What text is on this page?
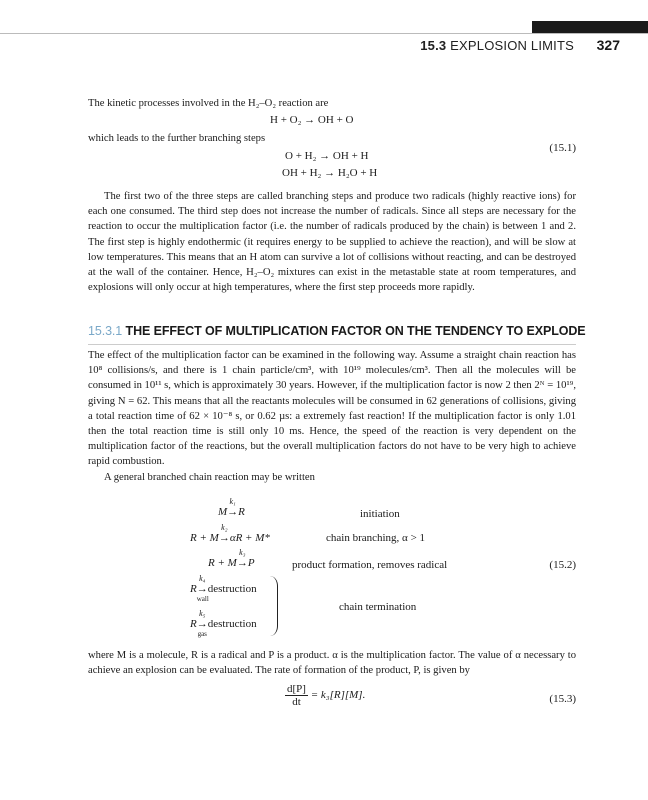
15.3 EXPLOSION LIMITS 327
The kinetic processes involved in the H₂–O₂ reaction are
H + O₂ → OH + O
which leads to the further branching steps
O + H₂ → OH + H
OH + H₂ → H₂O + H
(15.1)
The first two of the three steps are called branching steps and produce two radicals (highly reactive ions) for each one consumed. The third step does not increase the number of radicals. Since all steps are necessary for the reaction to occur the multiplication factor (i.e. the number of radicals produced by the chain) is between 1 and 2. The first step is highly endothermic (it requires energy to be supplied to achieve the reaction), and will be slow at low temperatures. This means that an H atom can survive a lot of collisions without reacting, and can be destroyed at the wall of the container. Hence, H₂–O₂ mixtures can exist in the metastable state at room temperatures, and explosions will only occur at high temperatures, where the first step proceeds more rapidly.
15.3.1 THE EFFECT OF MULTIPLICATION FACTOR ON THE TENDENCY TO EXPLODE
The effect of the multiplication factor can be examined in the following way. Assume a straight chain reaction has 10⁸ collisions/s, and there is 1 chain particle/cm³, with 10¹⁹ molecules/cm³. Then all the molecules will be consumed in 10¹¹ s, which is approximately 30 years. However, if the multiplication factor is now 2 then 2ᴺ = 10¹⁹, giving N = 62. This means that all the reactants molecules will be consumed in 62 generations of collisions, giving a total reaction time of 62 × 10⁻⁸ s, or 0.62 µs: a extremely fast reaction! If the multiplication factor is only 1.01 then the total reaction time is still only 10 ms. Hence, the speed of the reaction is very dependent on the multiplication factor of the reactions, but the overall multiplication factors do not have to be very high to achieve rapid combustion.
A general branched chain reaction may be written
M
k₁
→R	initiation
R + M
k₂
→αR + M*	chain branching, α > 1
R + M
k₃
→P	product formation, removes radical	(15.2)
R
k₄
→
wall
destruction
R
k₅
→
gas
destruction
chain termination
where M is a molecule, R is a radical and P is a product. α is the multiplication factor. The value of α necessary to achieve an explosion can be evaluated. The rate of formation of the product, P, is given by
$\frac{d[P]}{dt} = k_3[R][M]$.	(15.3)
